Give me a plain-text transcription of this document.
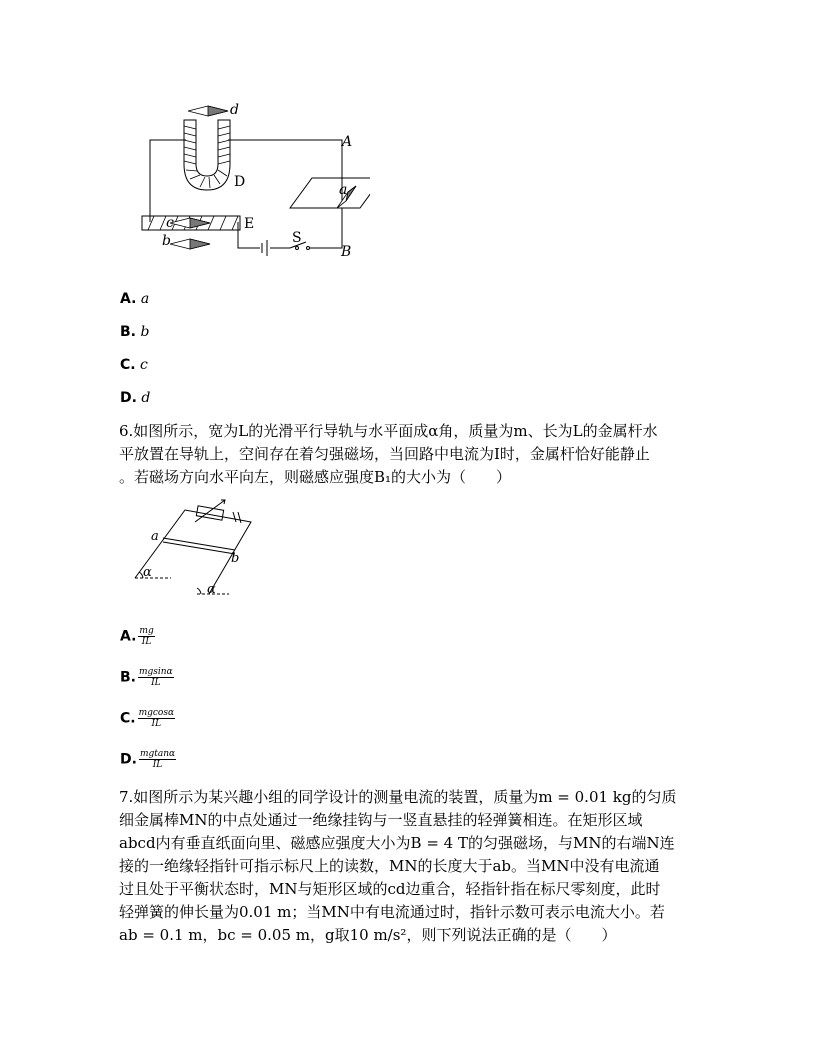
d
A
D	a
c	E
b	S
B
A. a
B. b
C. c
D. d
6.如图所示，宽为L的光滑平行导轨与水平面成α角，质量为m、长为L的金属杆水
平放置在导轨上，空间存在着匀强磁场，当回路中电流为I时，金属杆恰好能静止
。若磁场方向水平向左，则磁感应强度B₁的大小为（　　）
a
b
α
α
A. $\frac{mg}{IL}$
B. $\frac{mgsin\alpha}{IL}$
C. $\frac{mgcos\alpha}{IL}$
D. $\frac{mgtan\alpha}{IL}$
7.如图所示为某兴趣小组的同学设计的测量电流的装置，质量为m = 0.01 kg的匀质
细金属棒MN的中点处通过一绝缘挂钩与一竖直悬挂的轻弹簧相连。在矩形区域
abcd内有垂直纸面向里、磁感应强度大小为B = 4 T的匀强磁场，与MN的右端N连
接的一绝缘轻指针可指示标尺上的读数，MN的长度大于ab。当MN中没有电流通
过且处于平衡状态时，MN与矩形区域的cd边重合，轻指针指在标尺零刻度，此时
轻弹簧的伸长量为0.01 m；当MN中有电流通过时，指针示数可表示电流大小。若
ab = 0.1 m，bc = 0.05 m，g取10 m/s²，则下列说法正确的是（　　）
